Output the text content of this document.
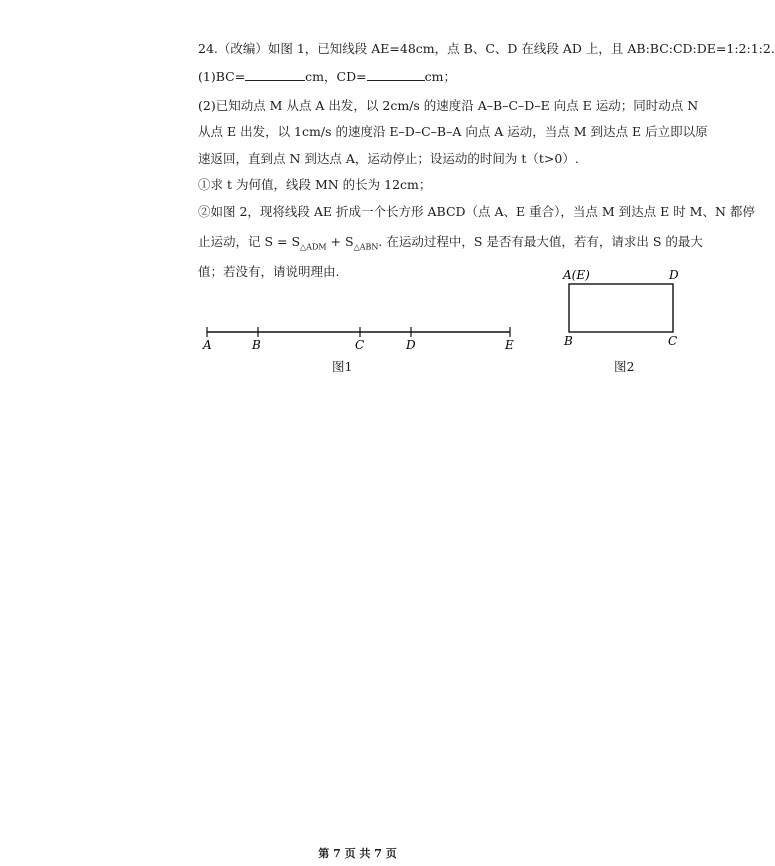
24.（改编）如图 1，已知线段 AE=48cm，点 B、C、D 在线段 AD 上，且 AB:BC:CD:DE=1:2:1:2.
(1)BC=	cm，CD=	cm；
(2)已知动点 M 从点 A 出发，以 2cm/s 的速度沿 A–B–C–D–E 向点 E 运动；同时动点 N
从点 E 出发，以 1cm/s 的速度沿 E–D–C–B–A 向点 A 运动，当点 M 到达点 E 后立即以原
速返回，直到点 N 到达点 A，运动停止；设运动的时间为 t（t>0）.
①求 t 为何值，线段 MN 的长为 12cm；
②如图 2，现将线段 AE 折成一个长方形 ABCD（点 A、E 重合），当点 M 到达点 E 时 M、N 都停
止运动，记 $S = S_{\triangle ADM} + S_{\triangle ABN}$. 在运动过程中，S 是否有最大值，若有，请求出 S 的最大
值；若没有，请说明理由.
A	B	C	D	E
图1
A(E)	D
B	C
图2
第 7 页 共 7 页
